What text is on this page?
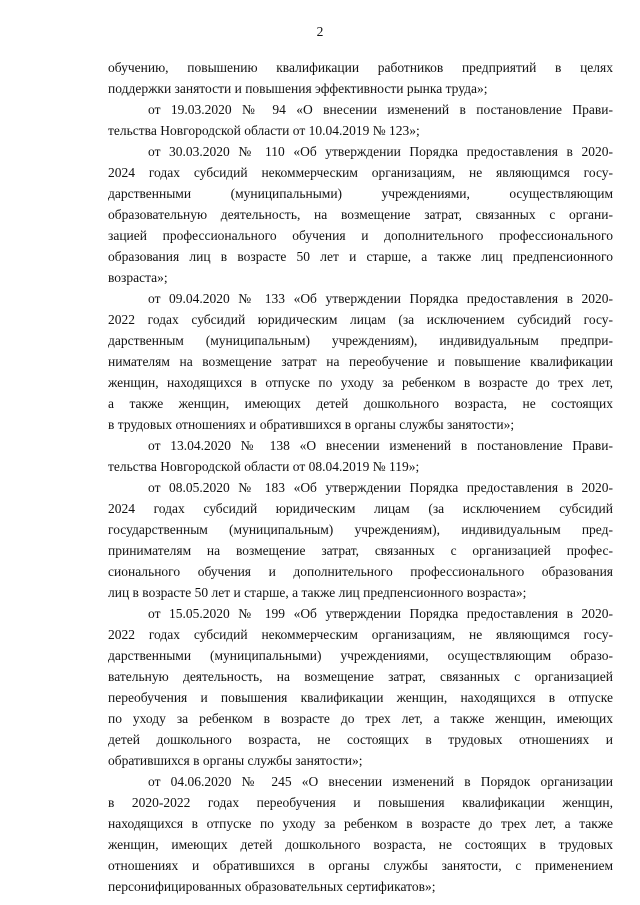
2
обучению, повышению квалификации работников предприятий в целях
поддержки занятости и повышения эффективности рынка труда»;
от 19.03.2020 № 94 «О внесении изменений в постановление Прави-
тельства Новгородской области от 10.04.2019 № 123»;
от 30.03.2020 № 110 «Об утверждении Порядка предоставления в 2020-
2024 годах субсидий некоммерческим организациям, не являющимся госу-
дарственными (муниципальными) учреждениями, осуществляющим
образовательную деятельность, на возмещение затрат, связанных с органи-
зацией профессионального обучения и дополнительного профессионального
образования лиц в возрасте 50 лет и старше, а также лиц предпенсионного
возраста»;
от 09.04.2020 № 133 «Об утверждении Порядка предоставления в 2020-
2022 годах субсидий юридическим лицам (за исключением субсидий госу-
дарственным (муниципальным) учреждениям), индивидуальным предпри-
нимателям на возмещение затрат на переобучение и повышение квалификации
женщин, находящихся в отпуске по уходу за ребенком в возрасте до трех лет,
а также женщин, имеющих детей дошкольного возраста, не состоящих
в трудовых отношениях и обратившихся в органы службы занятости»;
от 13.04.2020 № 138 «О внесении изменений в постановление Прави-
тельства Новгородской области от 08.04.2019 № 119»;
от 08.05.2020 № 183 «Об утверждении Порядка предоставления в 2020-
2024 годах субсидий юридическим лицам (за исключением субсидий
государственным (муниципальным) учреждениям), индивидуальным пред-
принимателям на возмещение затрат, связанных с организацией профес-
сионального обучения и дополнительного профессионального образования
лиц в возрасте 50 лет и старше, а также лиц предпенсионного возраста»;
от 15.05.2020 № 199 «Об утверждении Порядка предоставления в 2020-
2022 годах субсидий некоммерческим организациям, не являющимся госу-
дарственными (муниципальными) учреждениями, осуществляющим образо-
вательную деятельность, на возмещение затрат, связанных с организацией
переобучения и повышения квалификации женщин, находящихся в отпуске
по уходу за ребенком в возрасте до трех лет, а также женщин, имеющих
детей дошкольного возраста, не состоящих в трудовых отношениях и
обратившихся в органы службы занятости»;
от 04.06.2020 № 245 «О внесении изменений в Порядок организации
в 2020-2022 годах переобучения и повышения квалификации женщин,
находящихся в отпуске по уходу за ребенком в возрасте до трех лет, а также
женщин, имеющих детей дошкольного возраста, не состоящих в трудовых
отношениях и обратившихся в органы службы занятости, с применением
персонифицированных образовательных сертификатов»;
